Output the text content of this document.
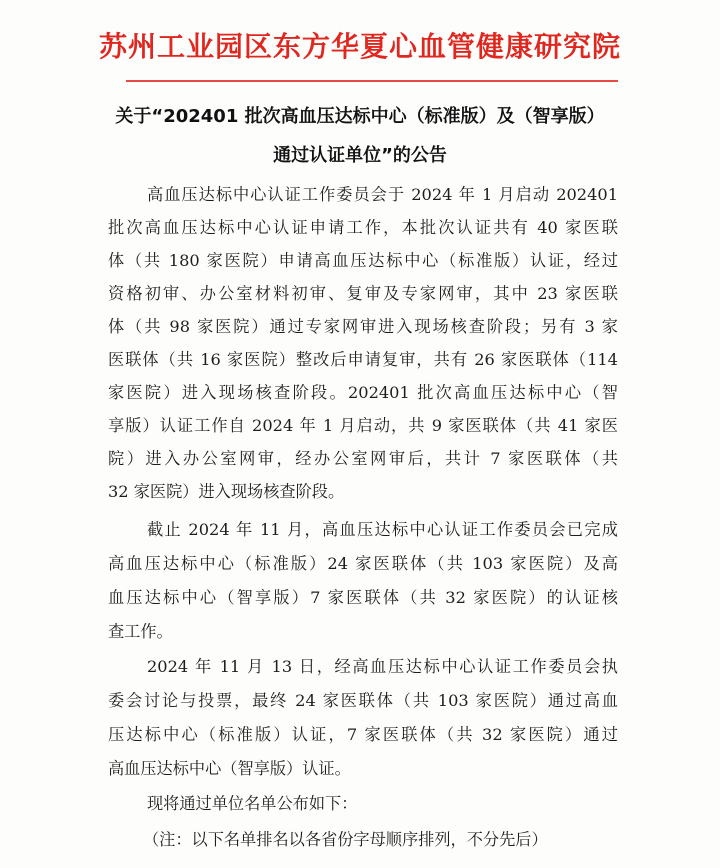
苏州工业园区东方华夏心血管健康研究院
关于“202401 批次高血压达标中心（标准版）及（智享版）
通过认证单位”的公告
高血压达标中心认证工作委员会于 2024 年 1 月启动 202401
批次高血压达标中心认证申请工作，本批次认证共有 40 家医联
体（共 180 家医院）申请高血压达标中心（标准版）认证，经过
资格初审、办公室材料初审、复审及专家网审，其中 23 家医联
体（共 98 家医院）通过专家网审进入现场核查阶段；另有 3 家
医联体（共 16 家医院）整改后申请复审，共有 26 家医联体（114
家医院）进入现场核查阶段。202401 批次高血压达标中心（智
享版）认证工作自 2024 年 1 月启动，共 9 家医联体（共 41 家医
院）进入办公室网审，经办公室网审后，共计 7 家医联体（共
32 家医院）进入现场核查阶段。
截止 2024 年 11 月，高血压达标中心认证工作委员会已完成
高血压达标中心（标准版）24 家医联体（共 103 家医院）及高
血压达标中心（智享版）7 家医联体（共 32 家医院）的认证核
查工作。
2024 年 11 月 13 日，经高血压达标中心认证工作委员会执
委会讨论与投票，最终 24 家医联体（共 103 家医院）通过高血
压达标中心（标准版）认证，7 家医联体（共 32 家医院）通过
高血压达标中心（智享版）认证。
现将通过单位名单公布如下：
（注：以下名单排名以各省份字母顺序排列，不分先后）
